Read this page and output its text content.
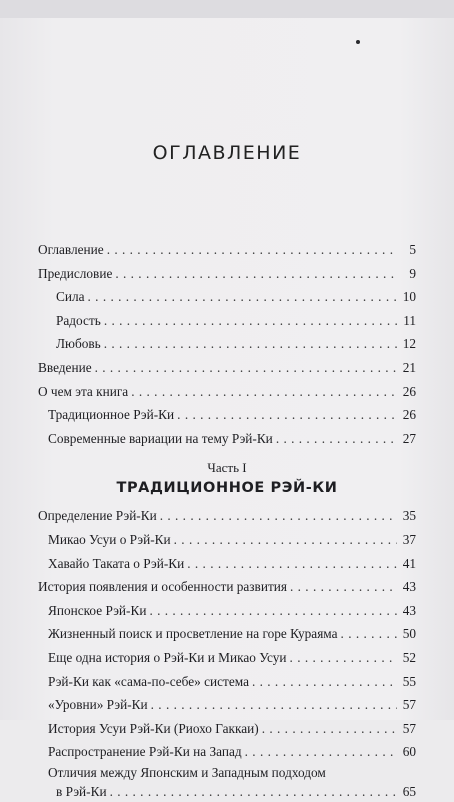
ОГЛАВЛЕНИЕ
Оглавление . . .	5
Предисловие . . .	9
Сила . . .	10
Радость . . .	11
Любовь . . .	12
Введение . . .	21
О чем эта книга . . .	26
Традиционное Рэй-Ки . . .	26
Современные вариации на тему Рэй-Ки . . .	27
Часть I
ТРАДИЦИОННОЕ РЭЙ-КИ
Определение Рэй-Ки . . .	35
Микао Усуи о Рэй-Ки . . .	37
Хавайо Таката о Рэй-Ки . . .	41
История появления и особенности развития . . .	43
Японское Рэй-Ки . . .	43
Жизненный поиск и просветление на горе Кураяма . . .	50
Еще одна история о Рэй-Ки и Микао Усуи . . .	52
Рэй-Ки как «сама-по-себе» система . . .	55
«Уровни» Рэй-Ки . . .	57
История Усуи Рэй-Ки (Риохо Гаккаи) . . .	57
Распространение Рэй-Ки на Запад . . .	60
Отличия между Японским и Западным подходом
в Рэй-Ки . . .	65
